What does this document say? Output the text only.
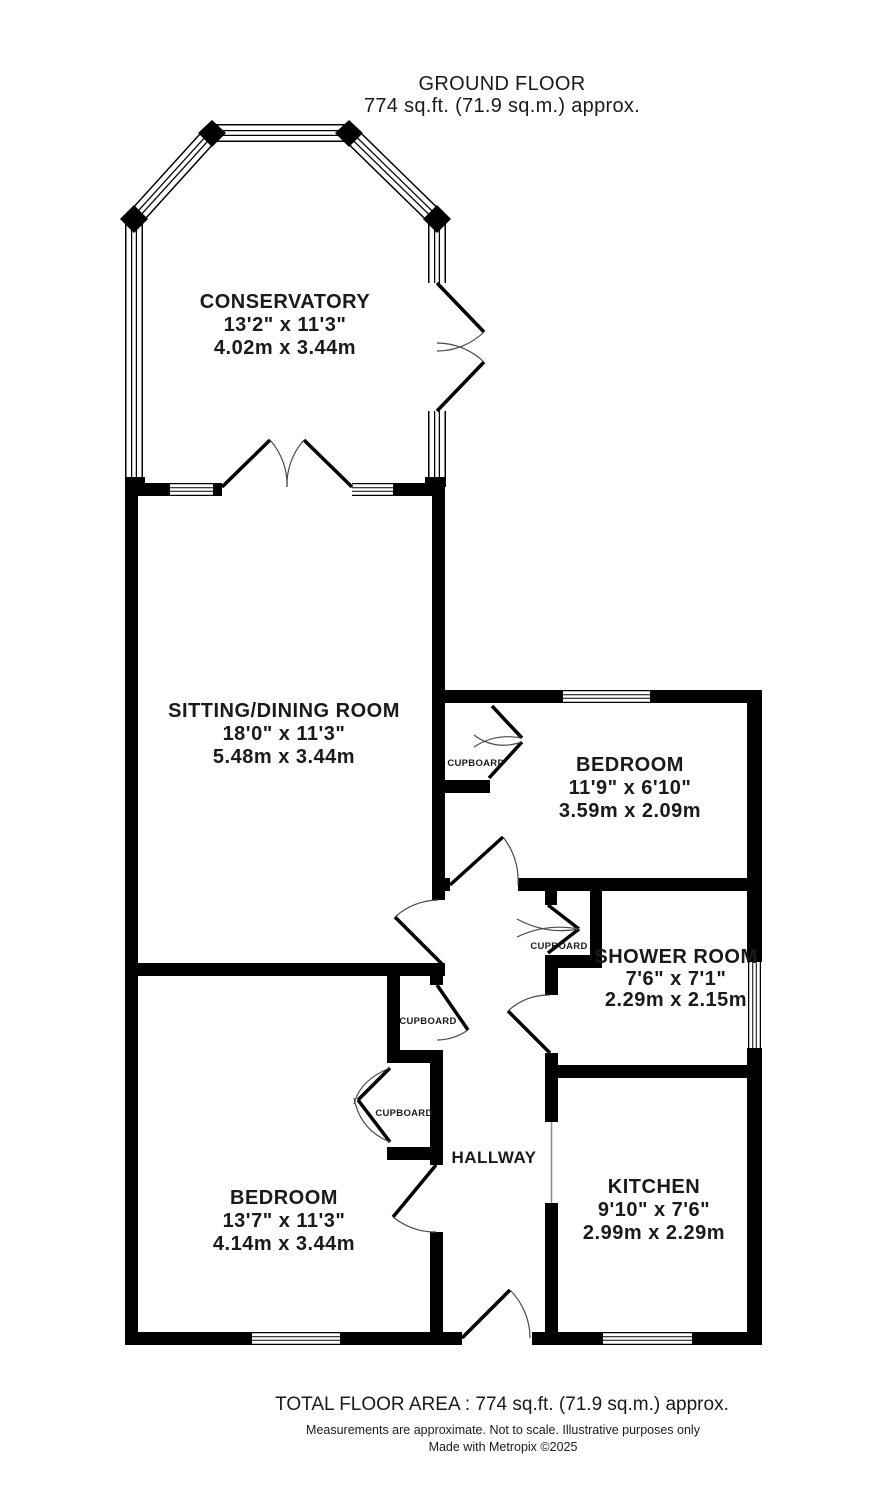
GROUND FLOOR
774 sq.ft. (71.9 sq.m.) approx.
CONSERVATORY
13'2" x 11'3"
4.02m x 3.44m
SITTING/DINING ROOM
18'0" x 11'3"
5.48m x 3.44m	BEDROOM
11'9" x 6'10"
3.59m x 2.09m
SHOWER ROOM
7'6" x 7'1"
2.29m x 2.15m
BEDROOM
13'7" x 11'3"
4.14m x 3.44m
KITCHEN
9'10" x 7'6"
2.99m x 2.29m
HALLWAY
CUPBOARD
CUPBOARD
CUPBOARD
CUPBOARD
TOTAL FLOOR AREA : 774 sq.ft. (71.9 sq.m.) approx.
Measurements are approximate. Not to scale. Illustrative purposes only
Made with Metropix ©2025
